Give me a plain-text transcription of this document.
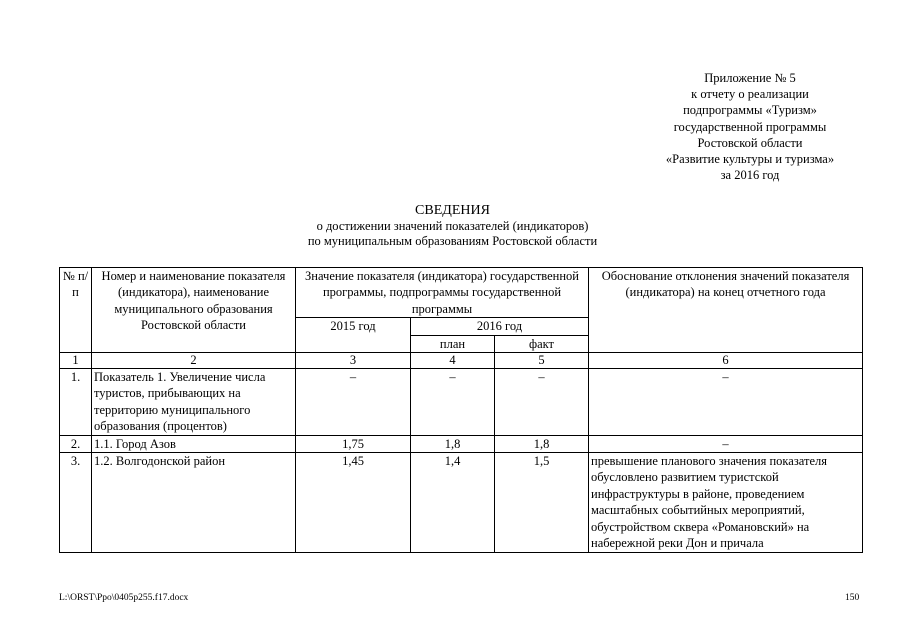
Приложение № 5
к отчету о реализации
подпрограммы «Туризм»
государственной программы
Ростовской области
«Развитие культуры и туризма»
за 2016 год
СВЕДЕНИЯ
о достижении значений показателей (индикаторов)
по муниципальным образованиям Ростовской области
№ п/п	Номер и наименование показателя (индикатора), наименование муниципального образования Ростовской области	Значение показателя (индикатора) государственной программы, подпрограммы государственной программы			Обоснование отклонения значений показателя (индикатора) на конец отчетного года
		2015 год	2016 год		
			план	факт	
1	2	3	4	5	6
1.	Показатель 1. Увеличение числа туристов, прибывающих на территорию муниципального образования (процентов)	–	–	–	–
2.	1.1. Город Азов	1,75	1,8	1,8	–
3.	1.2. Волгодонской район	1,45	1,4	1,5	превышение планового значения показателя обусловлено развитием туристской инфраструктуры в районе, проведением масштабных событийных мероприятий, обустройством сквера «Романовский» на набережной реки Дон и причала
L:\ORST\Ppo\0405p255.f17.docx	150
